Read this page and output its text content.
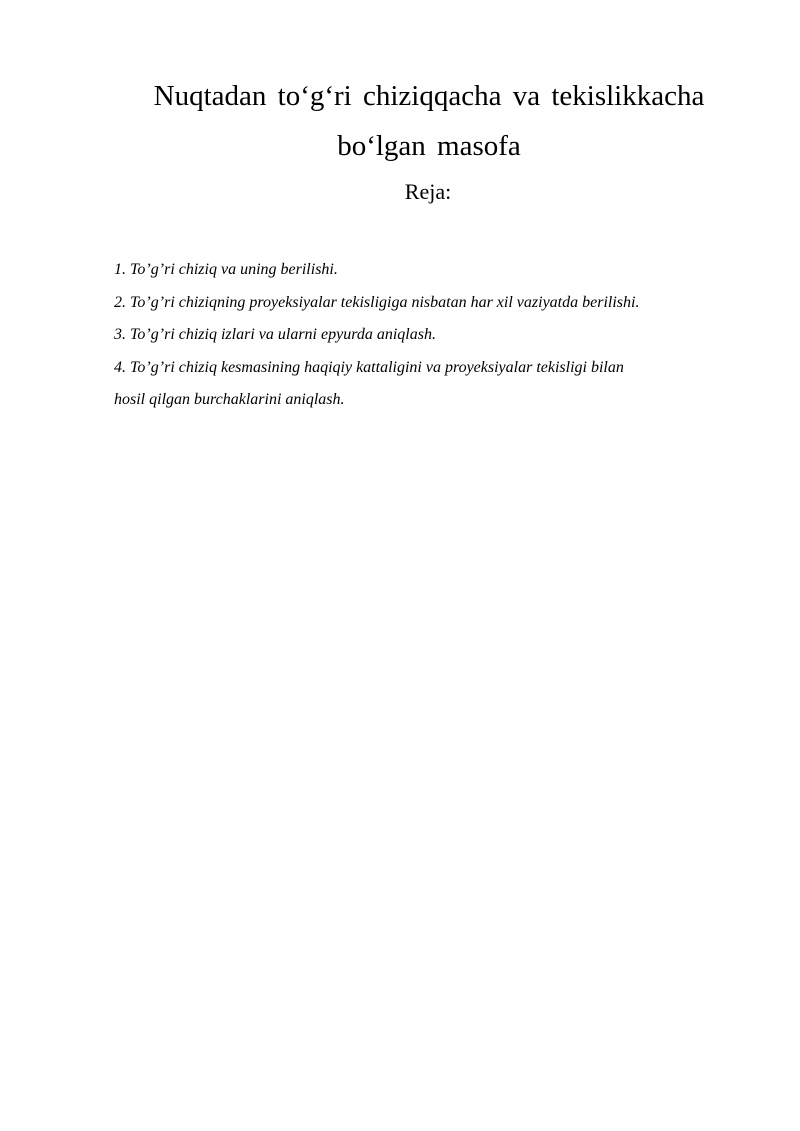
Nuqtadan to‘g‘ri chiziqqacha va tekislikkacha
bo‘lgan masofa
Reja:
1. To’g’ri chiziq va uning berilishi.
2. To’g’ri chiziqning proyeksiyalar tekisligiga nisbatan har xil vaziyatda berilishi.
3. To’g’ri chiziq izlari va ularni epyurda aniqlash.
4. To’g’ri chiziq kesmasining haqiqiy kattaligini va proyeksiyalar tekisligi bilan
hosil qilgan burchaklarini aniqlash.
